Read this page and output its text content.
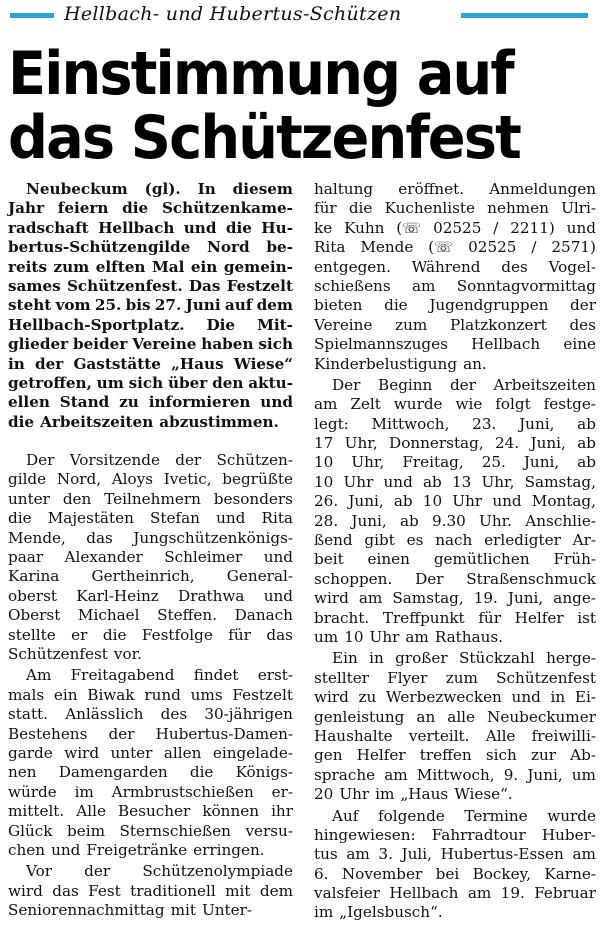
Hellbach- und Hubertus-Schützen
Einstimmung auf
das Schützenfest
Neubeckum (gl). In diesem
Jahr feiern die Schützenkame-
radschaft Hellbach und die Hu-
bertus-Schützengilde Nord be-
reits zum elften Mal ein gemein-
sames Schützenfest. Das Festzelt
steht vom 25. bis 27. Juni auf dem
Hellbach-Sportplatz. Die Mit-
glieder beider Vereine haben sich
in der Gaststätte „Haus Wiese“
getroffen, um sich über den aktu-
ellen Stand zu informieren und
die Arbeitszeiten abzustimmen.
Der Vorsitzende der Schützen-
gilde Nord, Aloys Ivetic, begrüßte
unter den Teilnehmern besonders
die Majestäten Stefan und Rita
Mende, das Jungschützenkönigs-
paar Alexander Schleimer und
Karina Gertheinrich, General-
oberst Karl-Heinz Drathwa und
Oberst Michael Steffen. Danach
stellte er die Festfolge für das
Schützenfest vor.
Am Freitagabend findet erst-
mals ein Biwak rund ums Festzelt
statt. Anlässlich des 30-jährigen
Bestehens der Hubertus-Damen-
garde wird unter allen eingelade-
nen Damengarden die Königs-
würde im Armbrustschießen er-
mittelt. Alle Besucher können ihr
Glück beim Sternschießen versu-
chen und Freigetränke erringen.
Vor der Schützenolympiade
wird das Fest traditionell mit dem
Seniorennachmittag mit Unter-
haltung eröffnet. Anmeldungen
für die Kuchenliste nehmen Ulri-
ke Kuhn (☏ 02525 / 2211) und
Rita Mende (☏ 02525 / 2571)
entgegen. Während des Vogel-
schießens am Sonntagvormittag
bieten die Jugendgruppen der
Vereine zum Platzkonzert des
Spielmannszuges Hellbach eine
Kinderbelustigung an.
Der Beginn der Arbeitszeiten
am Zelt wurde wie folgt festge-
legt: Mittwoch, 23. Juni, ab
17 Uhr, Donnerstag, 24. Juni, ab
10 Uhr, Freitag, 25. Juni, ab
10 Uhr und ab 13 Uhr, Samstag,
26. Juni, ab 10 Uhr und Montag,
28. Juni, ab 9.30 Uhr. Anschlie-
ßend gibt es nach erledigter Ar-
beit einen gemütlichen Früh-
schoppen. Der Straßenschmuck
wird am Samstag, 19. Juni, ange-
bracht. Treffpunkt für Helfer ist
um 10 Uhr am Rathaus.
Ein in großer Stückzahl herge-
stellter Flyer zum Schützenfest
wird zu Werbezwecken und in Ei-
genleistung an alle Neubeckumer
Haushalte verteilt. Alle freiwilli-
gen Helfer treffen sich zur Ab-
sprache am Mittwoch, 9. Juni, um
20 Uhr im „Haus Wiese“.
Auf folgende Termine wurde
hingewiesen: Fahrradtour Huber-
tus am 3. Juli, Hubertus-Essen am
6. November bei Bockey, Karne-
valsfeier Hellbach am 19. Februar
im „Igelsbusch“.
